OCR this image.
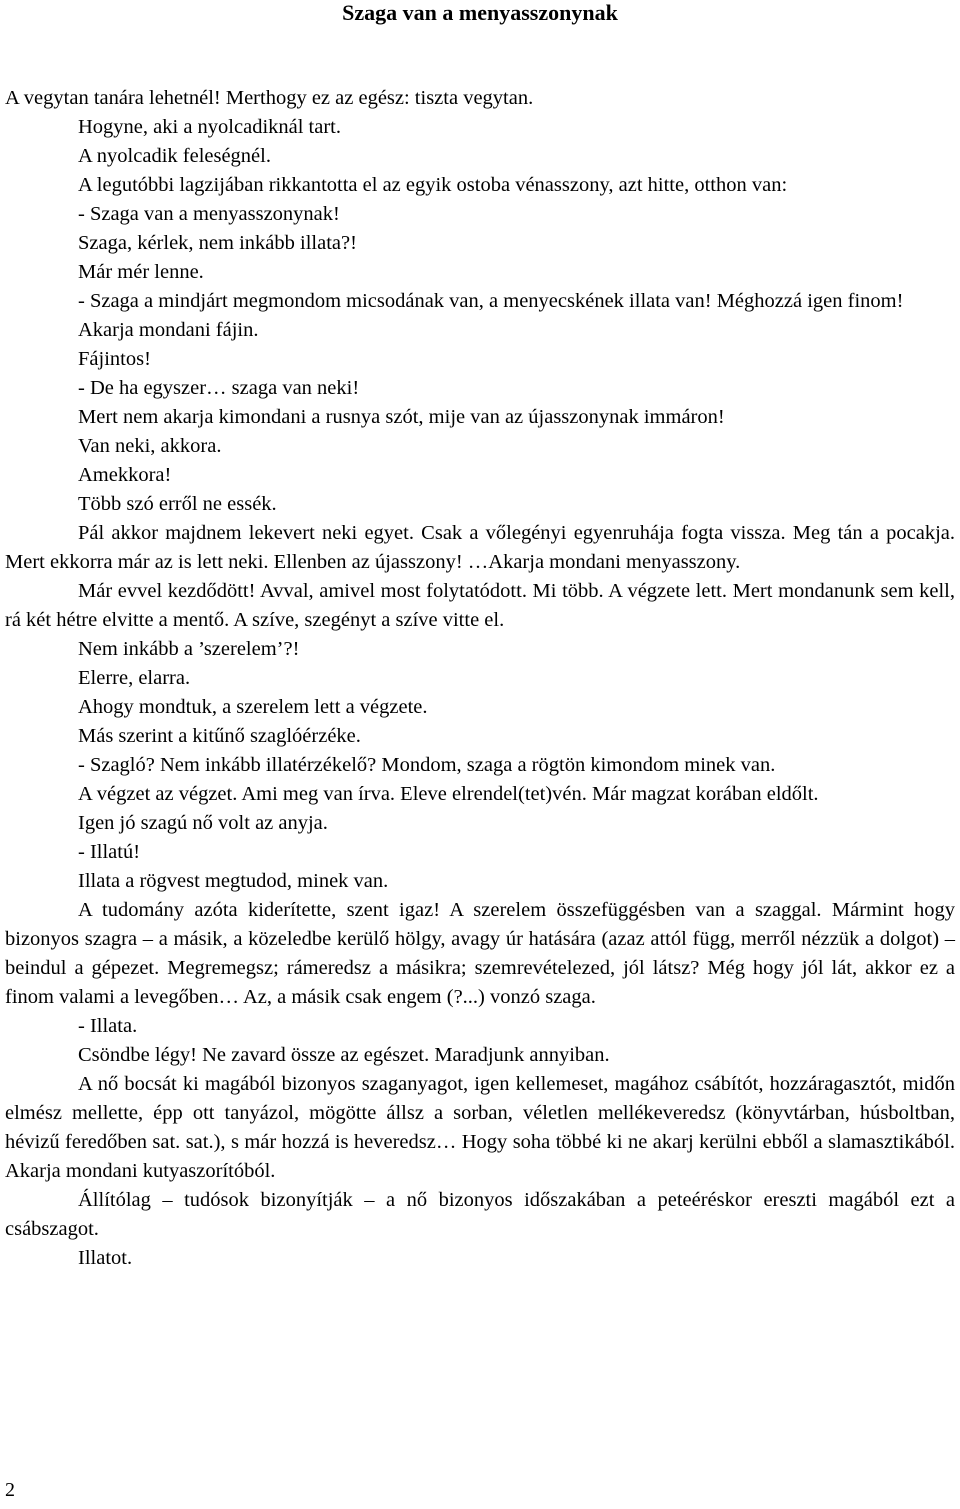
Szaga van a menyasszonynak

A vegytan tanára lehetnél! Merthogy ez az egész: tiszta vegytan.

Hogyne, aki a nyolcadiknál tart.

A nyolcadik feleségnél.

A legutóbbi lagzijában rikkantotta el az egyik ostoba vénasszony, azt hitte, otthon van:

- Szaga van a menyasszonynak!

Szaga, kérlek, nem inkább illata?!

Már mér lenne.

- Szaga a mindjárt megmondom micsodának van, a menyecskének illata van! Méghozzá igen finom!

Akarja mondani fájin.

Fájintos!

- De ha egyszer… szaga van neki!

Mert nem akarja kimondani a rusnya szót, mije van az újasszonynak immáron!

Van neki, akkora.

Amekkora!

Több szó erről ne essék.

Pál akkor majdnem lekevert neki egyet. Csak a vőlegényi egyenruhája fogta vissza. Meg tán a pocakja. Mert ekkorra már az is lett neki. Ellenben az újasszony! …Akarja mondani menyasszony.

Már evvel kezdődött! Avval, amivel most folytatódott. Mi több. A végzete lett. Mert mondanunk sem kell, rá két hétre elvitte a mentő. A szíve, szegényt a szíve vitte el.

Nem inkább a ’szerelem’?!

Elerre, elarra.

Ahogy mondtuk, a szerelem lett a végzete.

Más szerint a kitűnő szaglóérzéke.

- Szagló? Nem inkább illatérzékelő? Mondom, szaga a rögtön kimondom minek van.

A végzet az végzet. Ami meg van írva. Eleve elrendel(tet)vén. Már magzat korában eldőlt.

Igen jó szagú nő volt az anyja.

- Illatú!

Illata a rögvest megtudod, minek van.

A tudomány azóta kiderítette, szent igaz! A szerelem összefüggésben van a szaggal. Mármint hogy bizonyos szagra – a másik, a közeledbe kerülő hölgy, avagy úr hatására (azaz attól függ, merről nézzük a dolgot) – beindul a gépezet. Megremegsz; rámeredsz a másikra; szemrevételezed, jól látsz? Még hogy jól lát, akkor ez a finom valami a levegőben… Az, a másik csak engem (?...) vonzó szaga.

- Illata.

Csöndbe légy! Ne zavard össze az egészet. Maradjunk annyiban.

A nő bocsát ki magából bizonyos szaganyagot, igen kellemeset, magához csábítót, hozzáragasztót, midőn elmész mellette, épp ott tanyázol, mögötte állsz a sorban, véletlen mellékeveredsz (könyvtárban, húsboltban, hévizű feredőben sat. sat.), s már hozzá is heveredsz… Hogy soha többé ki ne akarj kerülni ebből a slamasztikából. Akarja mondani kutyaszorítóból.

Állítólag – tudósok bizonyítják – a nő bizonyos időszakában a peteéréskor ereszti magából ezt a csábszagot.

Illatot.

2
